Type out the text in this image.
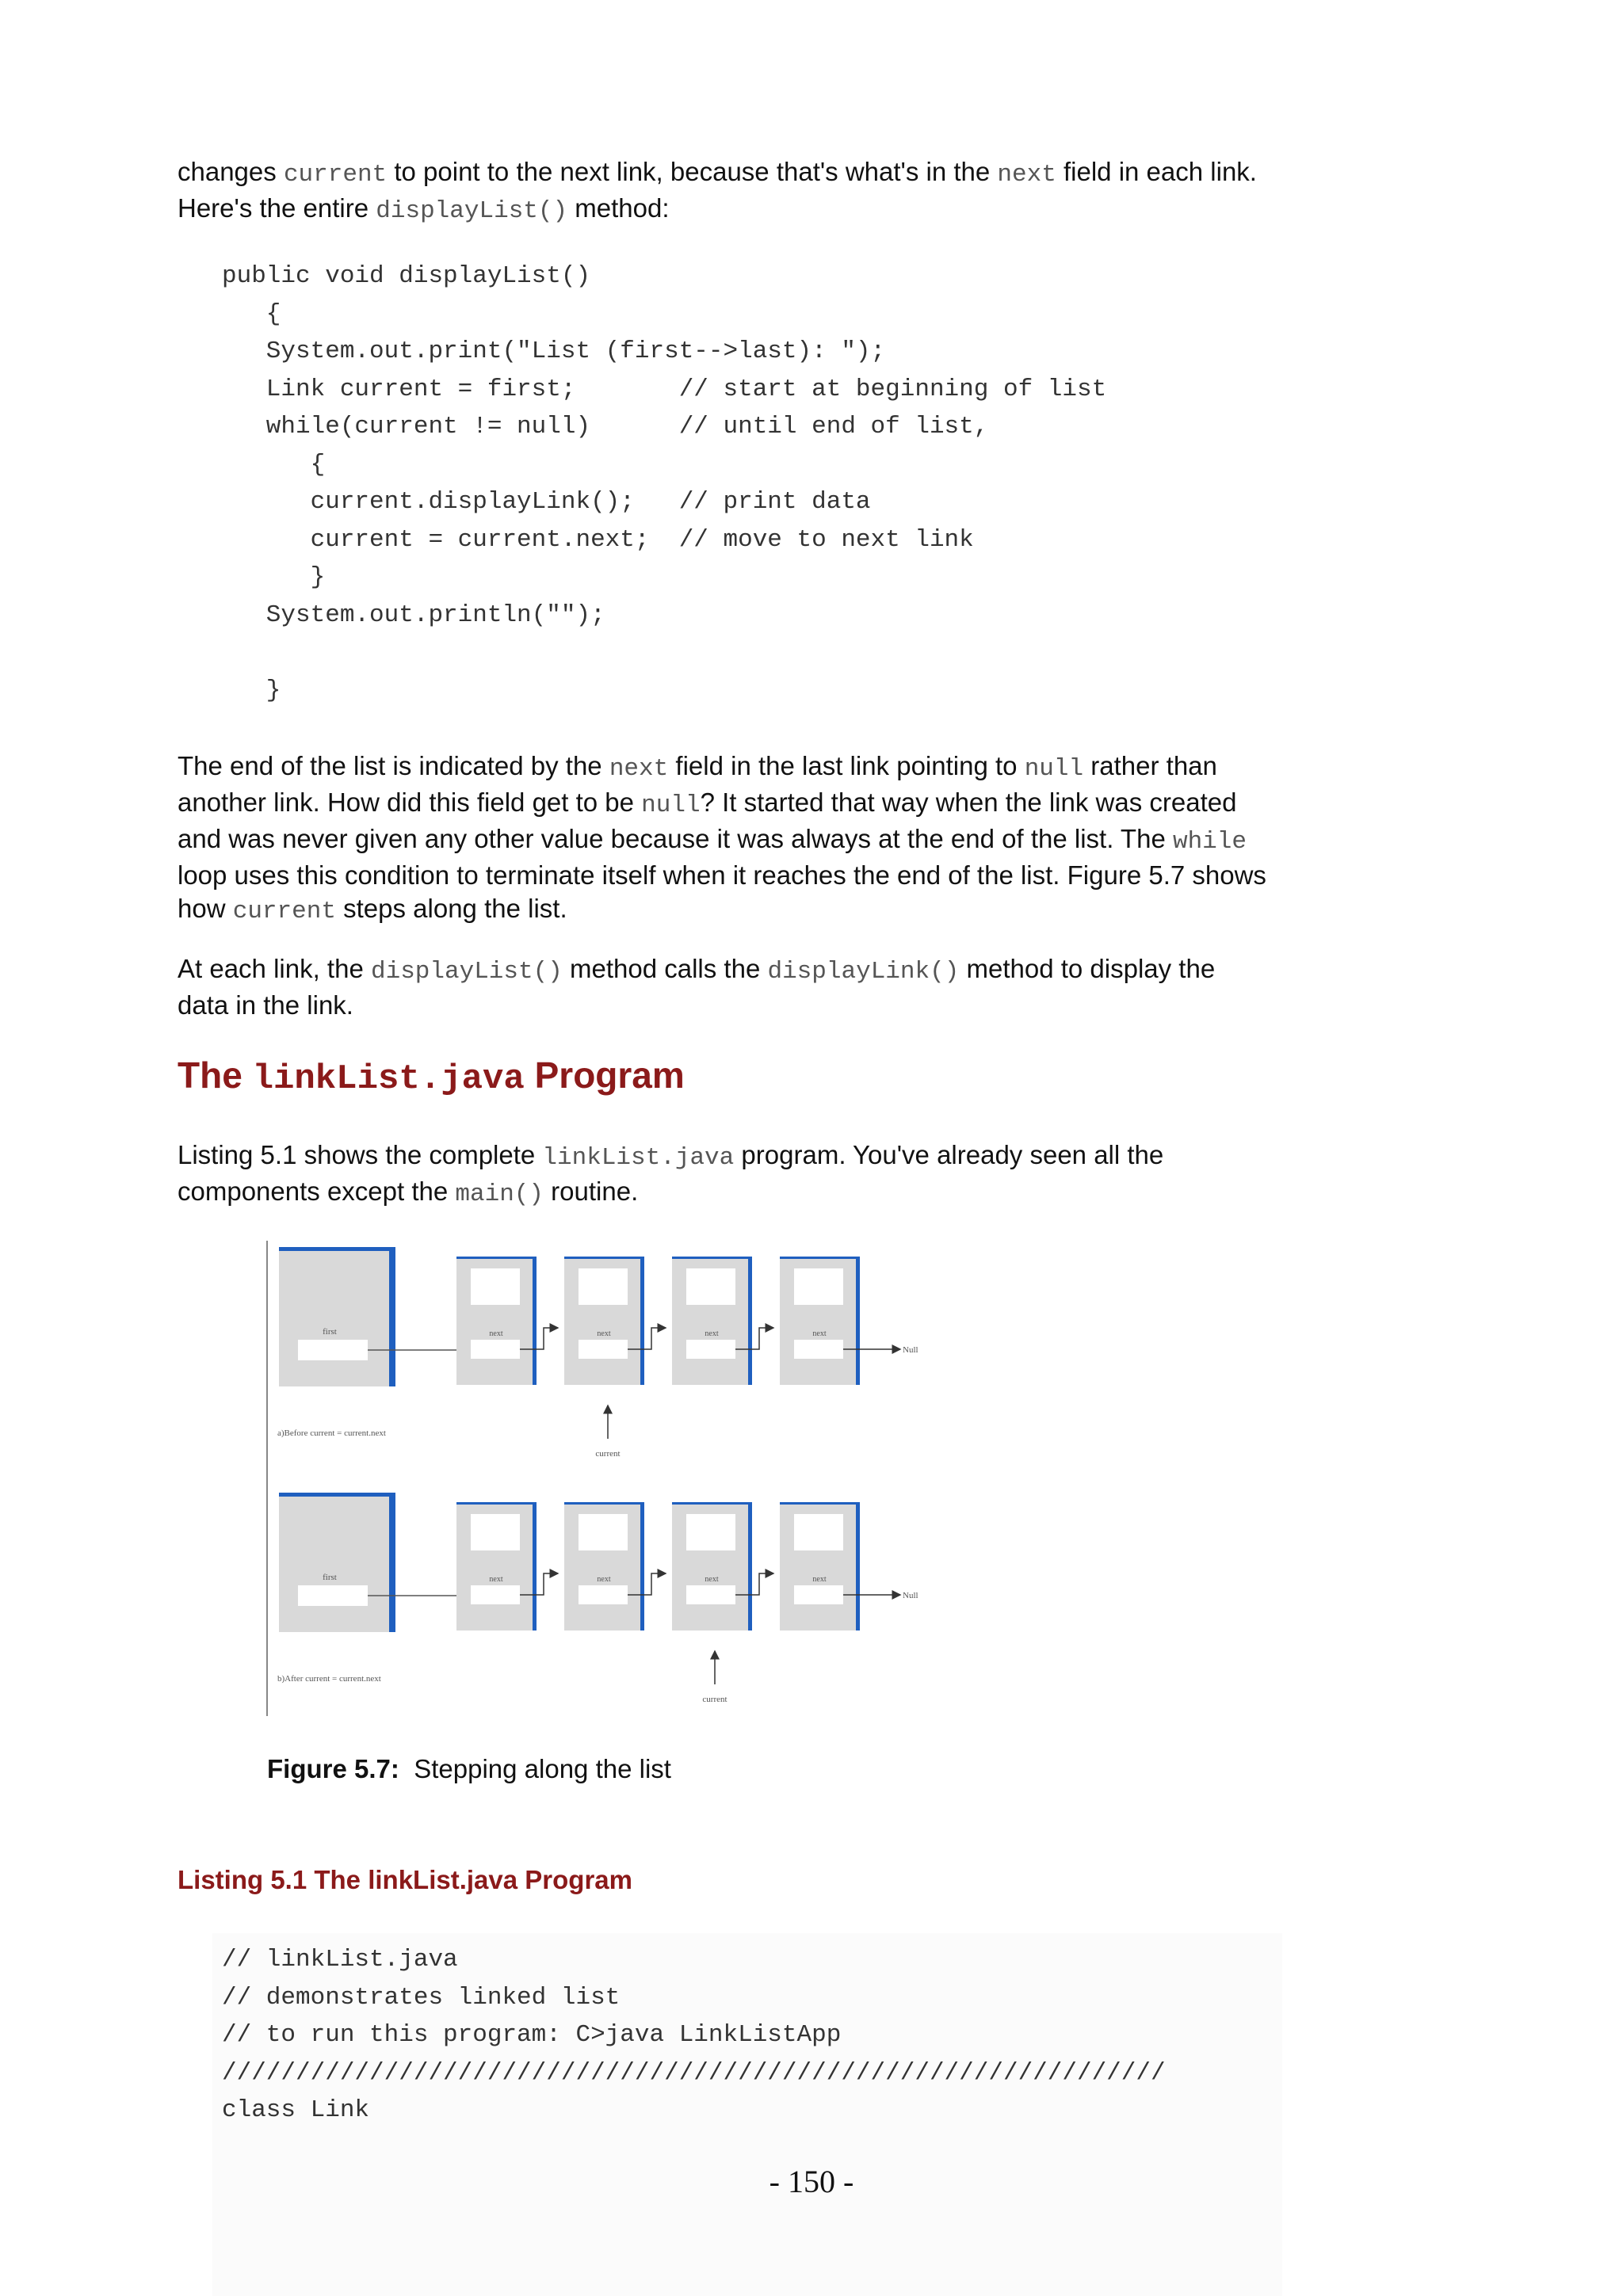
changes current to point to the next link, because that's what's in the next field in each link. Here's the entire displayList() method:

public void displayList()
{
System.out.print("List (first-->last): ");
Link current = first;       // start at beginning of list
while(current != null)      // until end of list,
{
current.displayLink();   // print data
current = current.next;  // move to next link
}
System.out.println("");

}

The end of the list is indicated by the next field in the last link pointing to null rather than another link. How did this field get to be null? It started that way when the link was created and was never given any other value because it was always at the end of the list. The while loop uses this condition to terminate itself when it reaches the end of the list. Figure 5.7 shows how current steps along the list.

At each link, the displayList() method calls the displayLink() method to display the data in the link.

The linkList.java Program

Listing 5.1 shows the complete linkList.java program. You've already seen all the components except the main() routine.

first	next	next	next	next
Null
current
a)Before current = current.next
first	next	next	next	next
Null
current
b)After current = current.next
Figure 5.7: Stepping along the list
Listing 5.1 The linkList.java Program
// linkList.java
// demonstrates linked list
// to run this program: C>java LinkListApp
////////////////////////////////////////////////////////////////
class Link
- 150 -
